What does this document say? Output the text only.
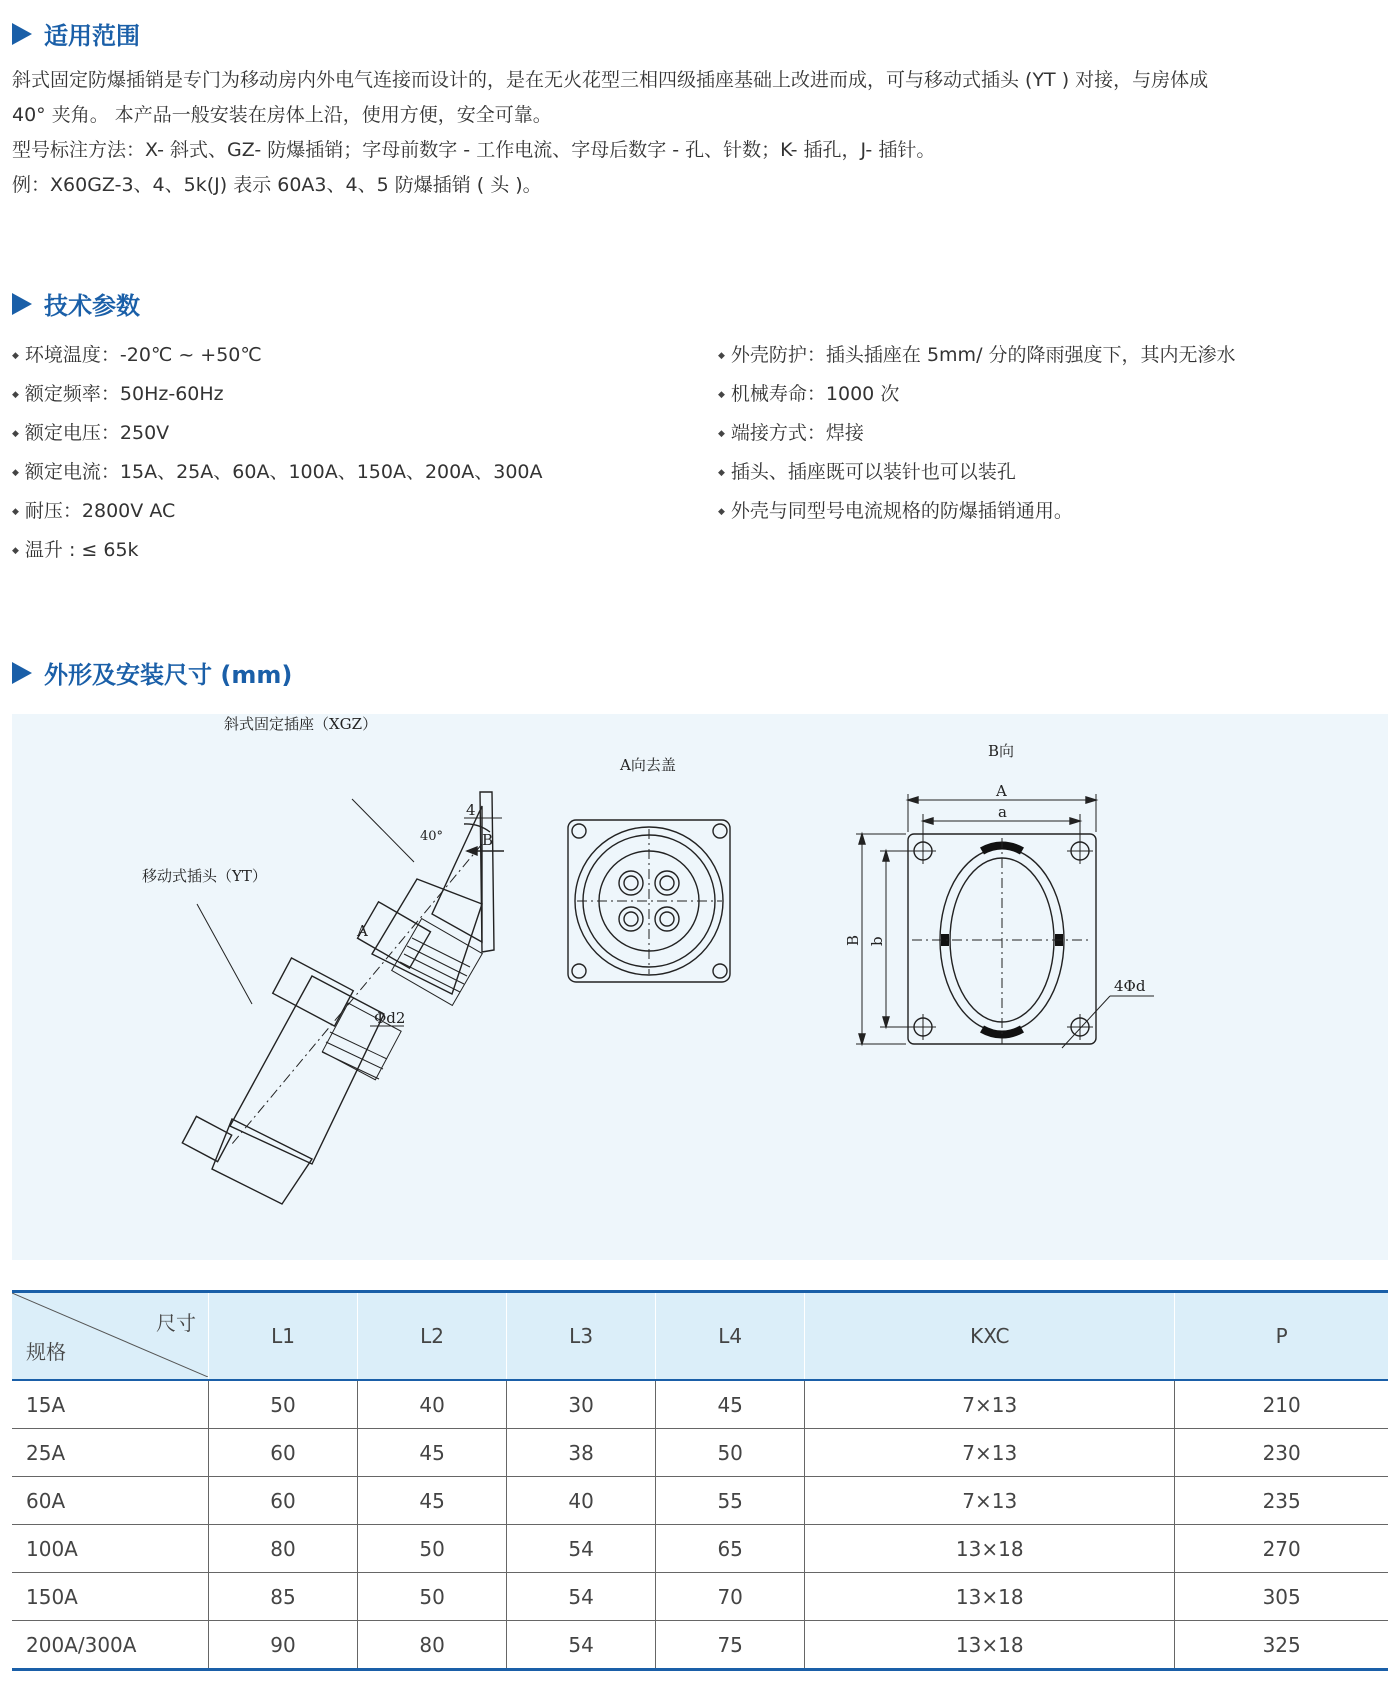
适用范围

斜式固定防爆插销是专门为移动房内外电气连接而设计的，是在无火花型三相四级插座基础上改进而成，可与移动式插头 (YT ) 对接，与房体成

40° 夹角。 本产品一般安装在房体上沿，使用方便，安全可靠。

型号标注方法：X- 斜式、GZ- 防爆插销；字母前数字 - 工作电流、字母后数字 - 孔、针数；K- 插孔，J- 插针。

例：X60GZ-3、4、5k(J) 表示 60A3、4、5 防爆插销 ( 头 )。

技术参数
◆ 环境温度：-20℃ ~ +50℃
◆ 额定频率：50Hz-60Hz
◆ 额定电压：250V
◆ 额定电流：15A、25A、60A、100A、150A、200A、300A
◆ 耐压：2800V AC
◆ 温升 : ≤ 65k
◆ 外壳防护：插头插座在 5mm/ 分的降雨强度下，其内无渗水
◆ 机械寿命：1000 次
◆ 端接方式：焊接
◆ 插头、插座既可以装针也可以装孔
◆ 外壳与同型号电流规格的防爆插销通用。
外形及安装尺寸 (mm)
斜式固定插座（XGZ）
移动式插头（YT）
A向去盖
B向
4
40°	B
A
Φd2
A
a
B b
4Φd
尺寸
规格	L1	L2	L3	L4	KXC	P
15A	50	40	30	45	7×13	210
25A	60	45	38	50	7×13	230
60A	60	45	40	55	7×13	235
100A	80	50	54	65	13×18	270
150A	85	50	54	70	13×18	305
200A/300A	90	80	54	75	13×18	325
